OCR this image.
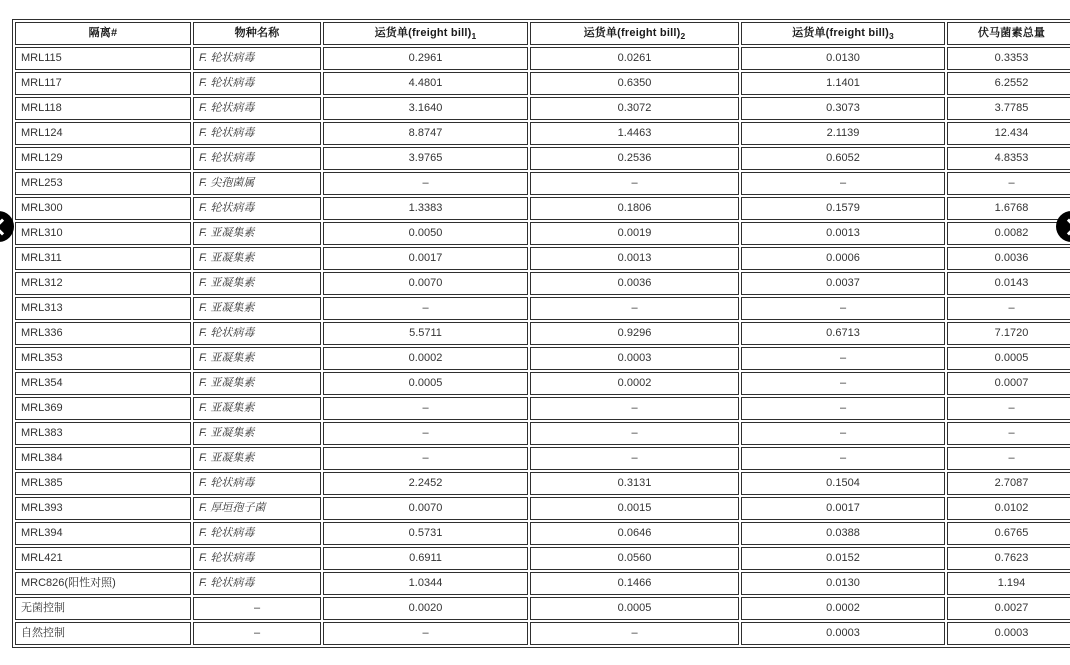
隔离#	物种名称	运货单(freight $bill)_1$	运货单(freight $bill)_2$	运货单(freight $bill)_3$	伏马菌素总量
MRL115	F. 轮状病毒	0.2961	0.0261	0.0130	0.3353
MRL117	F. 轮状病毒	4.4801	0.6350	1.1401	6.2552
MRL118	F. 轮状病毒	3.1640	0.3072	0.3073	3.7785
MRL124	F. 轮状病毒	8.8747	1.4463	2.1139	12.434
MRL129	F. 轮状病毒	3.9765	0.2536	0.6052	4.8353
MRL253	F. 尖孢菌属	–	–	–	–
MRL300	F. 轮状病毒	1.3383	0.1806	0.1579	1.6768
MRL310	F. 亚凝集素	0.0050	0.0019	0.0013	0.0082
MRL311	F. 亚凝集素	0.0017	0.0013	0.0006	0.0036
MRL312	F. 亚凝集素	0.0070	0.0036	0.0037	0.0143
MRL313	F. 亚凝集素	–	–	–	–
MRL336	F. 轮状病毒	5.5711	0.9296	0.6713	7.1720
MRL353	F. 亚凝集素	0.0002	0.0003	–	0.0005
MRL354	F. 亚凝集素	0.0005	0.0002	–	0.0007
MRL369	F. 亚凝集素	–	–	–	–
MRL383	F. 亚凝集素	–	–	–	–
MRL384	F. 亚凝集素	–	–	–	–
MRL385	F. 轮状病毒	2.2452	0.3131	0.1504	2.7087
MRL393	F. 厚垣孢子菌	0.0070	0.0015	0.0017	0.0102
MRL394	F. 轮状病毒	0.5731	0.0646	0.0388	0.6765
MRL421	F. 轮状病毒	0.6911	0.0560	0.0152	0.7623
MRC826(阳性对照)	F. 轮状病毒	1.0344	0.1466	0.0130	1.194
无菌控制	–	0.0020	0.0005	0.0002	0.0027
自然控制	–	–	–	0.0003	0.0003
